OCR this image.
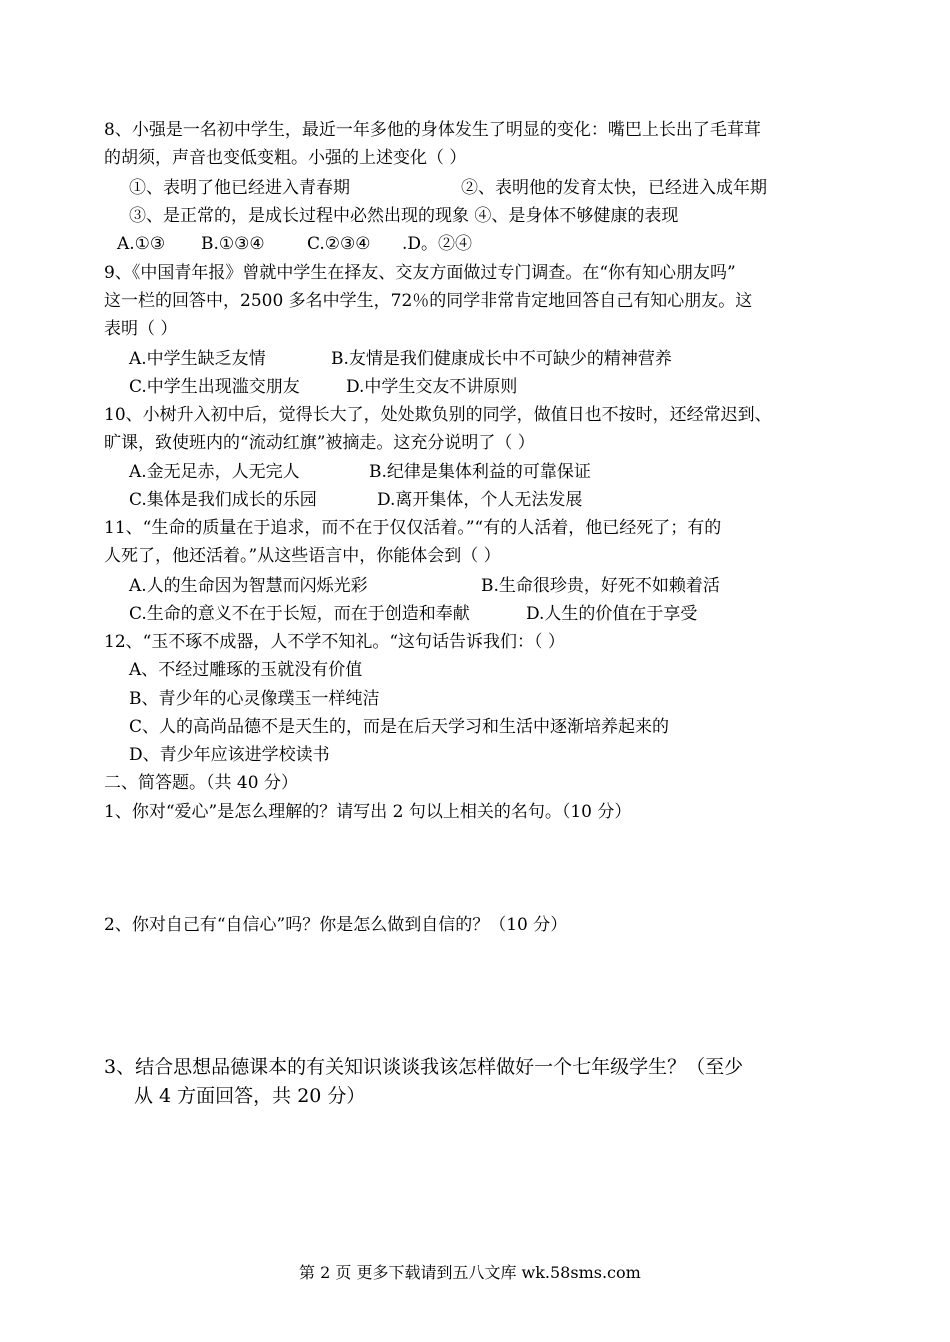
8、小强是一名初中学生，最近一年多他的身体发生了明显的变化：嘴巴上长出了毛茸茸
的胡须，声音也变低变粗。小强的上述变化（ ）
①、表明了他已经进入青春期	②、表明他的发育太快，已经进入成年期
③、是正常的，是成长过程中必然出现的现象 ④、是身体不够健康的表现
A.①③ B.①③④ C.②③④ .D。②④
9、《中国青年报》曾就中学生在择友、交友方面做过专门调查。在“你有知心朋友吗”
这一栏的回答中，2500 多名中学生，72％的同学非常肯定地回答自己有知心朋友。这
表明（ ）
A.中学生缺乏友情	B.友情是我们健康成长中不可缺少的精神营养
C.中学生出现滥交朋友	D.中学生交友不讲原则
10、小树升入初中后，觉得长大了，处处欺负别的同学，做值日也不按时，还经常迟到、
旷课，致使班内的“流动红旗”被摘走。这充分说明了（ ）
A.金无足赤，人无完人	B.纪律是集体利益的可靠保证
C.集体是我们成长的乐园	D.离开集体，个人无法发展
11、“生命的质量在于追求，而不在于仅仅活着。”“有的人活着，他已经死了；有的
人死了，他还活着。”从这些语言中，你能体会到（ ）
A.人的生命因为智慧而闪烁光彩	B.生命很珍贵，好死不如赖着活
C.生命的意义不在于长短，而在于创造和奉献	D.人生的价值在于享受
12、“玉不琢不成器，人不学不知礼。“这句话告诉我们：（ ）
A、不经过雕琢的玉就没有价值
B、青少年的心灵像璞玉一样纯洁
C、人的高尚品德不是天生的，而是在后天学习和生活中逐渐培养起来的
D、青少年应该进学校读书
二、简答题。（共 40 分）
1、你对“爱心”是怎么理解的？请写出 2 句以上相关的名句。（10 分）
2、你对自己有“自信心”吗？你是怎么做到自信的？（10 分）
3、结合思想品德课本的有关知识谈谈我该怎样做好一个七年级学生？（至少
从 4 方面回答，共 20 分）
第 2 页 更多下载请到五八文库 wk.58sms.com
